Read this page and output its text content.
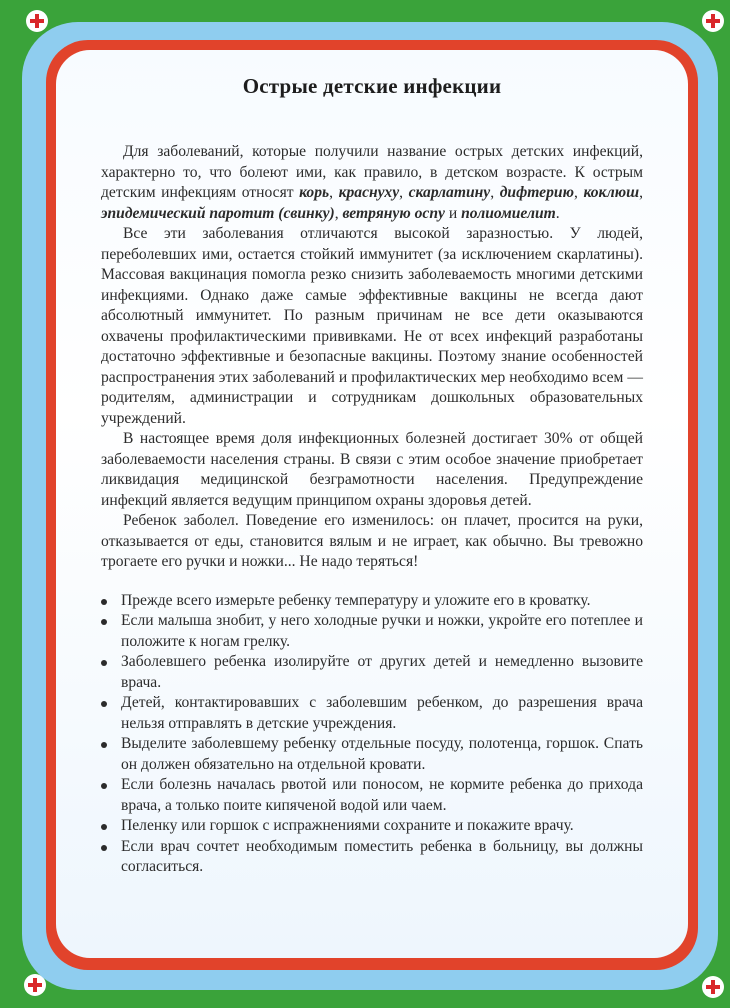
Острые детские инфекции

Для заболеваний, которые получили название острых детских инфекций, характерно то, что болеют ими, как правило, в детском возрасте. К острым детским инфекциям относят корь, краснуху, скарлатину, дифтерию, коклюш, эпидемический паротит (свинку), ветряную оспу и полиомиелит.

Все эти заболевания отличаются высокой заразностью. У людей, переболевших ими, остается стойкий иммунитет (за исключением скарлатины). Массовая вакцинация помогла резко снизить заболеваемость многими детскими инфекциями. Однако даже самые эффективные вакцины не всегда дают абсолютный иммунитет. По разным причинам не все дети оказываются охвачены профилактическими прививками. Не от всех инфекций разработаны достаточно эффективные и безопасные вакцины. Поэтому знание особенностей распространения этих заболеваний и профилактических мер необходимо всем — родителям, администрации и сотрудникам дошкольных образовательных учреждений.

В настоящее время доля инфекционных болезней достигает 30% от общей заболеваемости населения страны. В связи с этим особое значение приобретает ликвидация медицинской безграмотности населения. Предупреждение инфекций является ведущим принципом охраны здоровья детей.

Ребенок заболел. Поведение его изменилось: он плачет, просится на руки, отказывается от еды, становится вялым и не играет, как обычно. Вы тревожно трогаете его ручки и ножки... Не надо теряться!

Прежде всего измерьте ребенку температуру и уложите его в кроватку.
Если малыша знобит, у него холодные ручки и ножки, укройте его потеплее и положите к ногам грелку.
Заболевшего ребенка изолируйте от других детей и немедленно вызовите врача.
Детей, контактировавших с заболевшим ребенком, до разрешения врача нельзя отправлять в детские учреждения.
Выделите заболевшему ребенку отдельные посуду, полотенца, горшок. Спать он должен обязательно на отдельной кровати.
Если болезнь началась рвотой или поносом, не кормите ребенка до прихода врача, а только поите кипяченой водой или чаем.
Пеленку или горшок с испражнениями сохраните и покажите врачу.
Если врач сочтет необходимым поместить ребенка в больницу, вы должны согласиться.
